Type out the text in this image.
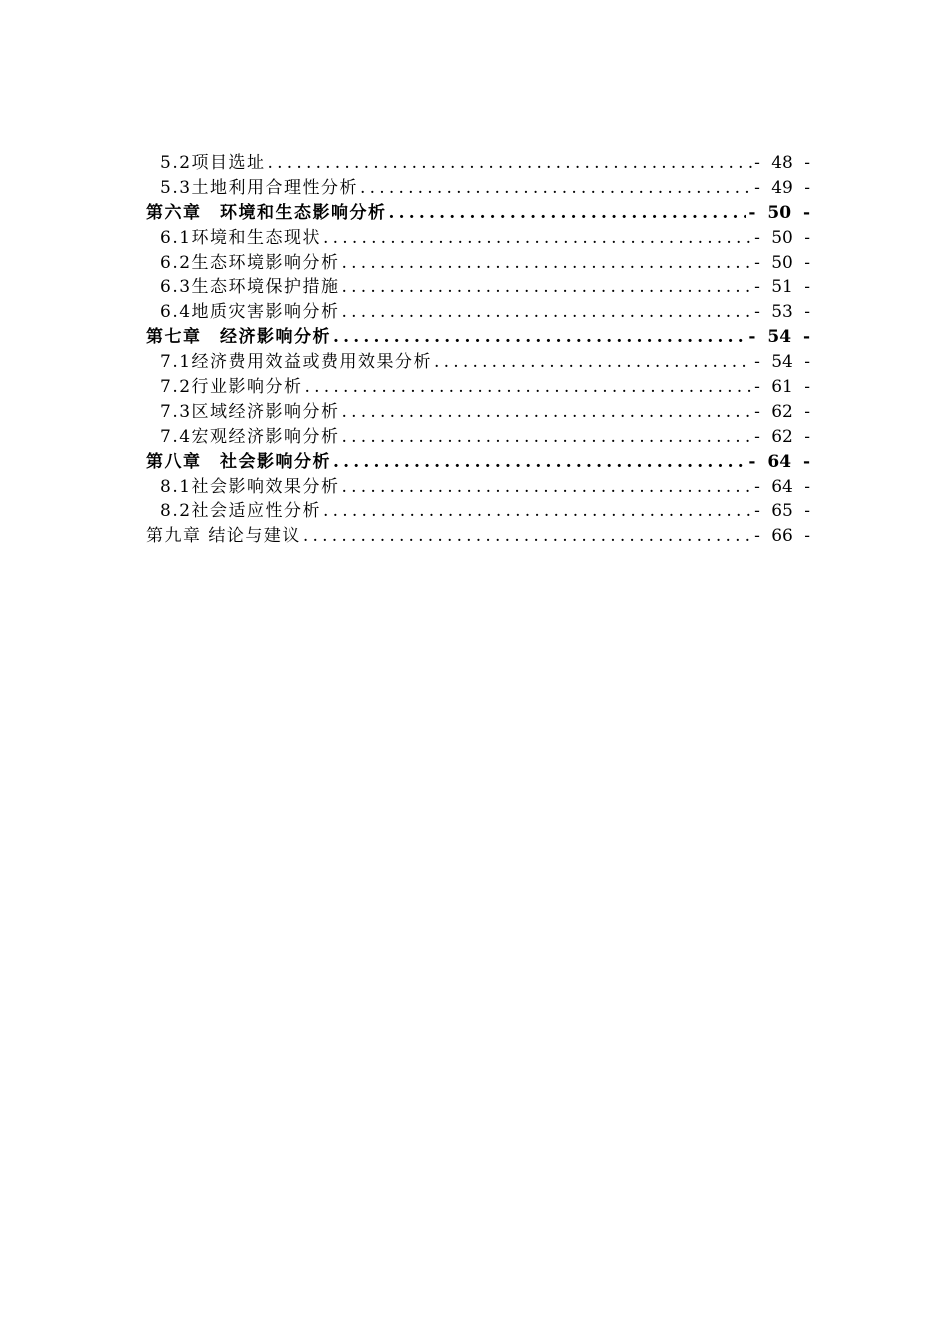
5.2项目选址 .....	- 48 -
5.3土地利用合理性分析 .....	- 49 -
第六章　环境和生态影响分析 .....	- 50 -
6.1环境和生态现状 .....	- 50 -
6.2生态环境影响分析 .....	- 50 -
6.3生态环境保护措施 .....	- 51 -
6.4地质灾害影响分析 .....	- 53 -
第七章　经济影响分析 .....	- 54 -
7.1经济费用效益或费用效果分析 .....	- 54 -
7.2行业影响分析 .....	- 61 -
7.3区域经济影响分析 .....	- 62 -
7.4宏观经济影响分析 .....	- 62 -
第八章　社会影响分析 .....	- 64 -
8.1社会影响效果分析 .....	- 64 -
8.2社会适应性分析 .....	- 65 -
第九章 结论与建议 .....	- 66 -
